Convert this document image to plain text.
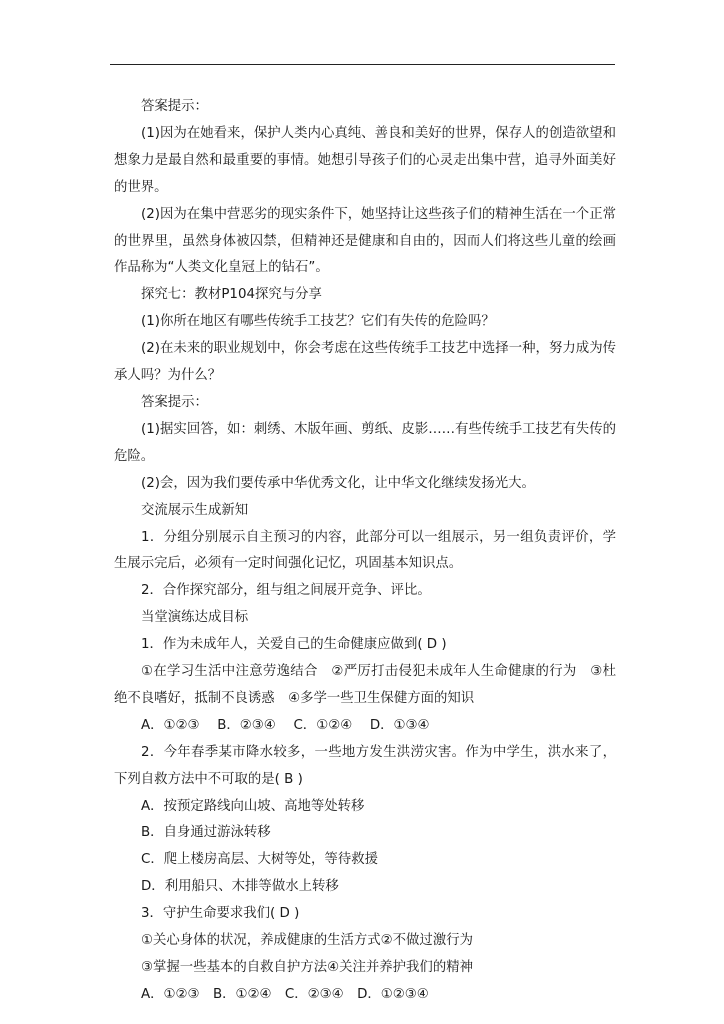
答案提示：

(1)因为在她看来，保护人类内心真纯、善良和美好的世界，保存人的创造欲望和想象力是最自然和最重要的事情。她想引导孩子们的心灵走出集中营，追寻外面美好的世界。

(2)因为在集中营恶劣的现实条件下，她坚持让这些孩子们的精神生活在一个正常的世界里，虽然身体被囚禁，但精神还是健康和自由的，因而人们将这些儿童的绘画作品称为“人类文化皇冠上的钻石”。

探究七：教材P104探究与分享

(1)你所在地区有哪些传统手工技艺？它们有失传的危险吗？

(2)在未来的职业规划中，你会考虑在这些传统手工技艺中选择一种，努力成为传承人吗？为什么？

答案提示：

(1)据实回答，如：刺绣、木版年画、剪纸、皮影……有些传统手工技艺有失传的危险。

(2)会，因为我们要传承中华优秀文化，让中华文化继续发扬光大。

交流展示生成新知

1．分组分别展示自主预习的内容，此部分可以一组展示，另一组负责评价，学生展示完后，必须有一定时间强化记忆，巩固基本知识点。

2．合作探究部分，组与组之间展开竞争、评比。

当堂演练达成目标

1．作为未成年人，关爱自己的生命健康应做到( D )

①在学习生活中注意劳逸结合　②严厉打击侵犯未成年人生命健康的行为　③杜绝不良嗜好，抵制不良诱惑　④多学一些卫生保健方面的知识

A．①②③　 B．②③④　 C．①②④　 D．①③④

2．今年春季某市降水较多，一些地方发生洪涝灾害。作为中学生，洪水来了，下列自救方法中不可取的是( B )

A．按预定路线向山坡、高地等处转移

B．自身通过游泳转移

C．爬上楼房高层、大树等处，等待救援

D．利用船只、木排等做水上转移

3．守护生命要求我们( D )

①关心身体的状况，养成健康的生活方式②不做过激行为

③掌握一些基本的自救自护方法④关注并养护我们的精神

A．①②③　B．①②④　C．②③④　D．①②③④
